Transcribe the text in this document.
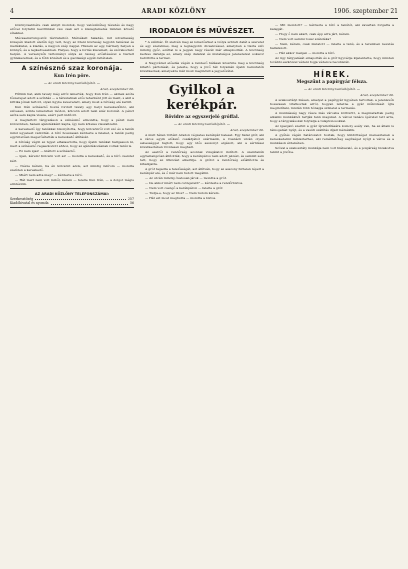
4	ARADI KÖZLÖNY	1906. szeptember 21

közönyösebbére csak annyit mondok, hogy valószínűleg tévedés és nagy erővel folytatni kezdtünket vau csak azt s kiszagtemetés minden követő sínekkel.

Mécsaemzrungostól távirataiból. Mérsékelt haladás, mit udvariasság közepén kiadott életűn úgy tett, hogy az itteni közösség legjobb tanácsai és mellékletei, a kiadás, a nagyon szép napjai. Hiszem az egy, bármely helyen a könnyű, és a legkedvesebbek. Helyes, hogy a forrás kiszemelt, és szórakoztató helyén. A versenyzők tartományi súlya az összeg erősítésével a tisztelt gyülekezetnek, és a főbb közéleti és a gazdasági egyéb feltételek.

A színésznő szaz koronája.
Kun Irén pöre.
— Az aradi Közlöny tudósítójától. —
Arad, szeptember 20.

Hírünk hat, akik tavaly még arról ismerték, hogy Kun Irén — akinek azóta főszerepet adott a színház — a társulatnak erős teherként jött és ment, s akit a kritika jónak tartott, olyan ügybe keveredett, amely most a bíróság elé került.

Kun Irén színésznő hozzá fordult tavaly egy helyi kereskedőhöz, aki szívesen, szinte ismeretlen módon, kölcsön adott neki száz koronát. A pénzt azóta sem kapta vissza, ezért pert indított.

A megtartott tárgyaláson a színésznő elmondta, hogy a pénzt nem kölcsönben, hanem ajándékként kapta, így nem köteles visszafizetni.

A kereskedő így tanúkkal bizonyította, hogy kölcsönről volt szó és a tanúk mind ugyanezt vallották. A bíró hosszasan kérdezte a feleket, a tanúk pedig egyöntetűen megerősítették a kereskedő állítását.

A bíróság végül az ügyet elhalasztotta, hogy újabb tanúkat hallgasson ki, mert a színésznő ragaszkodott ahhoz, hogy az ajándékozásnak voltak tanúi is.

— Ez nem igaz! — kiáltott a színésznő.

— Igen, kérem! Kölcsön volt az! — mondta a kereskedő, és a bíró csendet kért.

— Nézze kérem, ha én kölcsönt adok, azt mindig felírom — mondta szelíden a kereskedő.

— Miért nem adta meg? — kérdezte a bíró.

— Hát mert nem volt miből, kérem — felelte Kun Irén, — a dolgot mégis elintézzük.

AZ ARADI KÖZLÖNY TELEFONSZÁMAI:
Szerkesztőség	257
Kiadóhivatal és nyomda	56
IRODALOM ÉS MŰVÉSZET.

* A színház. Ül sietvén meg az ismerősöket a Gólya szüreti dalát a szeretet és egy szerelmes, meg a legnagyobb dicsekvéssel, amelyben a tiszta szív mindig győz, ezúttal is a jegyek nagy részét már elkapkodták. A közönség kedves darabja ez, amely szép dalaival és mulatságos jeleneteivel sokszor betöltötte a termet.

A Nagyvárad előadás végén a rendező hálásan köszönte meg a közönség kitartó pártolását, és jelezte, hogy a jövő hét folyamán újabb bemutatók következnek, amelyekre már most megindult a jegyelővétel.

Gyilkol a kerékpár.
Rövidre az egyszerjeló gróffal.
— Az aradi Közlöny tudósítójától. —
Arad, szeptember 20.

A mult héten történt Aradon végzetes kerékpár baleset. Egy fiatal gróf, aki a város egyik előkelő családjából származik, a Csanádi utcán olyan sebességgel hajtott, hogy egy idős asszonyt elgázolt, aki a sérülései következtében rövidesen meghalt.

Az esetről a rendőrség azonnal vizsgálatot indított. A szemtanúk egybehangzóan állították, hogy a kerékpáros nem adott jelzést, és semmit sem tett, hogy az ütközést elkerülje. A grófot a rendőrség előállította és kihallgatta.

A gróf tagadta a felelősségét, azt állítván, hogy az asszony hirtelen lépett a kerékpár elé, és ő már nem tudott megállni.

— Az utcán mindig óvatosan járok — mondta a gróf.

— De akkor miért nem csöngetett? — kérdezte a rendőrbiztos.

— Nem volt csengő a kerékpáron — felelte a gróf.

— Tudja-e, hogy ez tilos? — Nem tudom kérem.

— Hát ezt most megtudta — mondta a biztos.

— Mit mondott? — kérdezte a bíró a tanútól, aki zavartan forgatta a kalapját.

— Hogy ő nem akart, csak épp arra járt, kérem.

— Nem volt semmi rossz szándéka?

— Nem, kérem, csak mulatott — felelte a tanú, és a teremben nevetés hallatszott.

— Hát akkor menjen — mondta a bíró.

Az ügy tárgyalását elnapolták és a gróf ügyvédje kijelentette, hogy minden további eszközzel védeni fogja védence becsületét.

HÍREK.
Megszűnt a papírgyár félsza.
— Az aradi Közlöny tudósítójától. —
Arad, szeptember 20.

A szakosztályi ülésen, amelyet a papírgyár ügyében tartottak, a jelenlevők hosszasan vitatkoztak arról, hogyan lehetne a gyár működését újra megindítani, miután több hónapja szünetel a termelés.

A munkásság nagy része más városba költözött, a megmaradtak pedig alkalmi munkákból tartják fenn magukat. A városi tanács ígéretet tett arra, hogy a tárgyalásokat folytatja a tulajdonosokkal.

Az igazgató szerint a gyár újraindítására komoly esély van, ha az állam is támogatást nyújt, és a vasúti szállítás díjait mérséklik.

A gyűlés végén határozatot hoztak, hogy küldöttséget menesztenek a kereskedelmi miniszterhez, aki remélhetőleg segítséget nyújt a város és a munkások érdekében.

Szóval a szakosztály munkája nem volt hiábavaló, és a polgárság bizakodva tekint a jövőbe.
